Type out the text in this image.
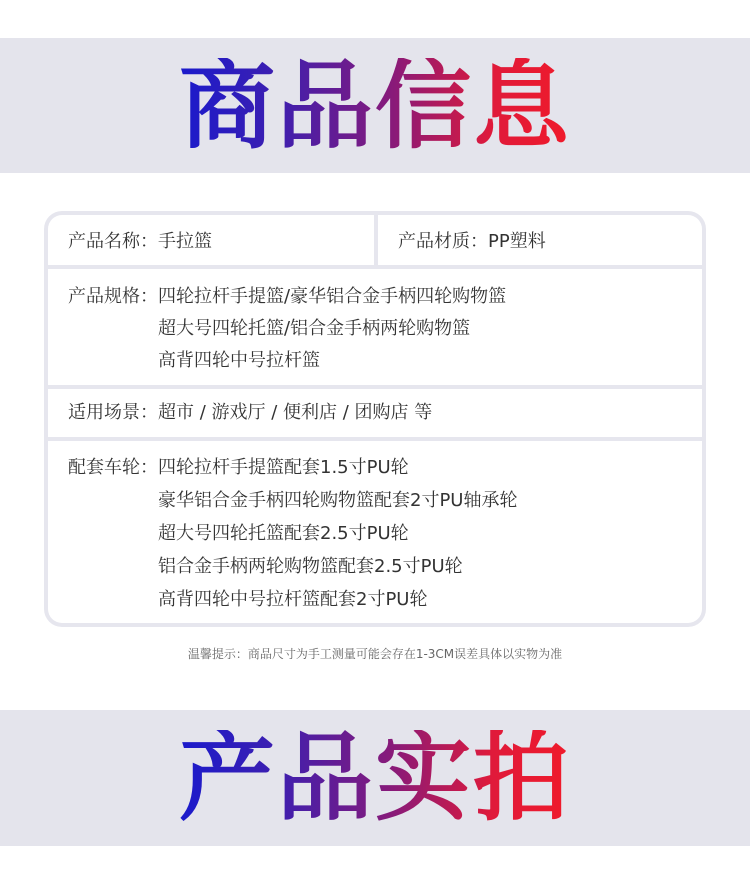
商品信息
产品名称： 手拉篮	产品材质： PP塑料
产品规格： 四轮拉杆手提篮/豪华铝合金手柄四轮购物篮
超大号四轮托篮/铝合金手柄两轮购物篮
高背四轮中号拉杆篮
适用场景： 超市 / 游戏厅 / 便利店 / 团购店 等
配套车轮： 四轮拉杆手提篮配套1.5寸PU轮
豪华铝合金手柄四轮购物篮配套2寸PU轴承轮
超大号四轮托篮配套2.5寸PU轮
铝合金手柄两轮购物篮配套2.5寸PU轮
高背四轮中号拉杆篮配套2寸PU轮
温馨提示：商品尺寸为手工测量可能会存在1-3CM误差具体以实物为准
产品实拍
